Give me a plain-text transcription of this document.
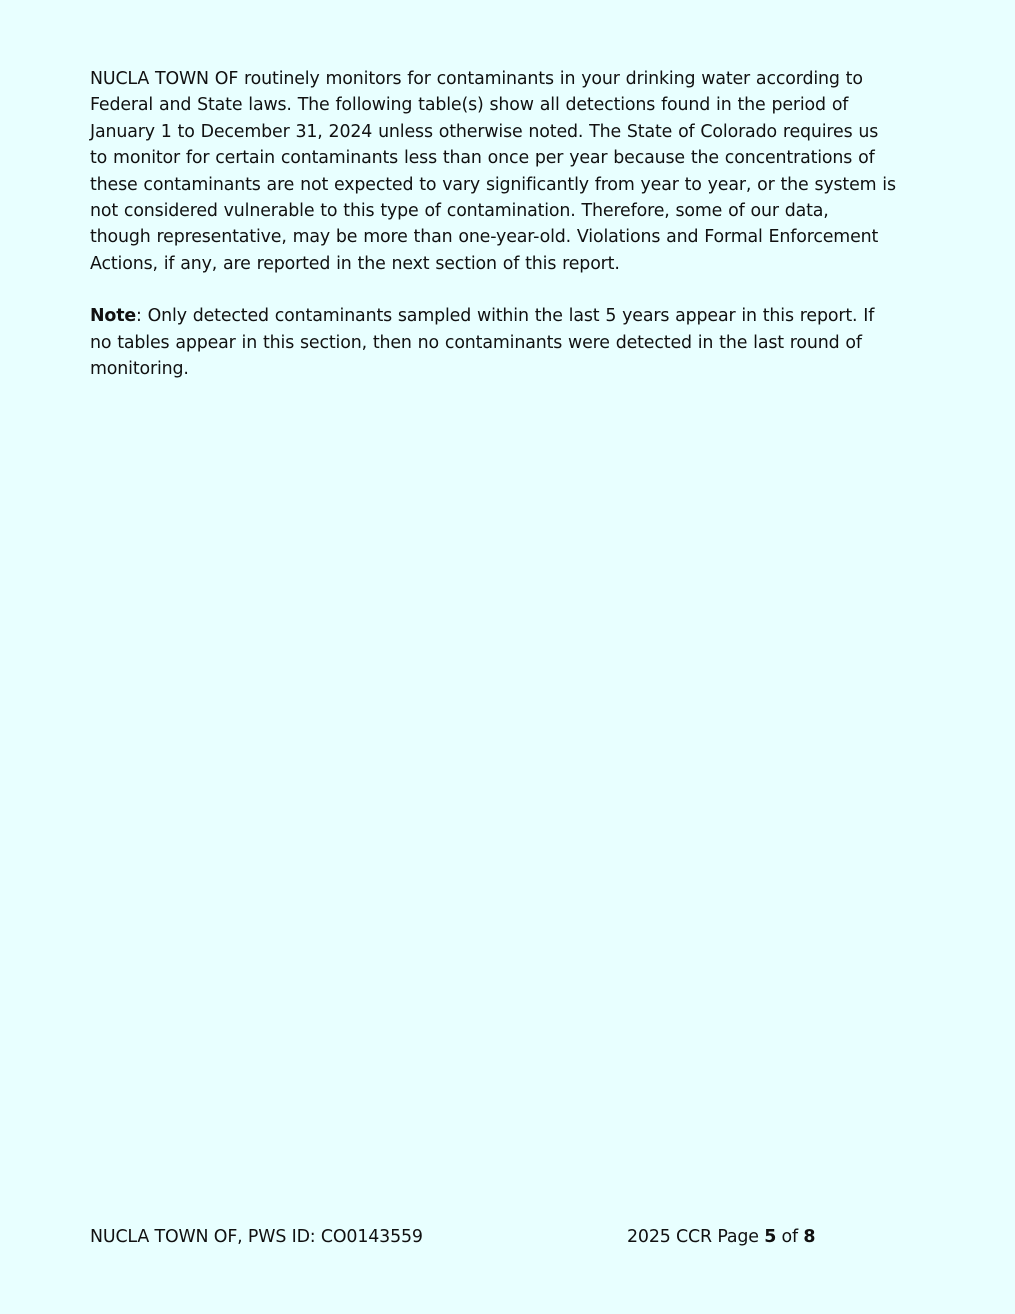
NUCLA TOWN OF routinely monitors for contaminants in your drinking water according to
Federal and State laws. The following table(s) show all detections found in the period of
January 1 to December 31, 2024 unless otherwise noted. The State of Colorado requires us
to monitor for certain contaminants less than once per year because the concentrations of
these contaminants are not expected to vary significantly from year to year, or the system is
not considered vulnerable to this type of contamination. Therefore, some of our data,
though representative, may be more than one-year-old. Violations and Formal Enforcement
Actions, if any, are reported in the next section of this report.

Note: Only detected contaminants sampled within the last 5 years appear in this report. If
no tables appear in this section, then no contaminants were detected in the last round of
monitoring.

NUCLA TOWN OF, PWS ID: CO0143559	2025 CCR Page 5 of 8
